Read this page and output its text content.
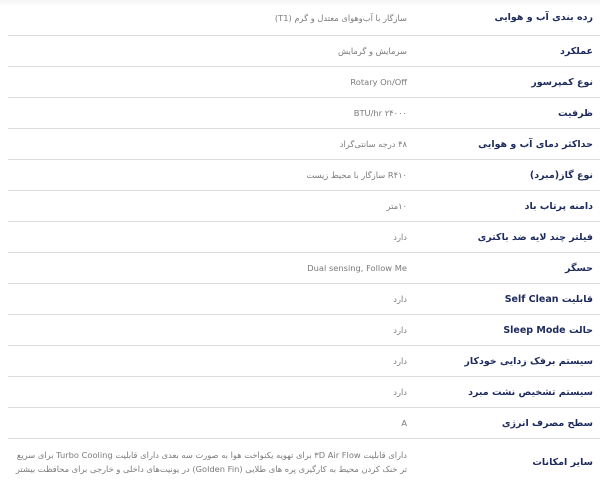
رده بندی آب و هوایی
سازگار با آب‌وهوای معتدل و گرم (T1)
عملکرد
سرمایش و گرمایش
نوع کمپرسور
Rotary On/Off
ظرفیت
BTU/hr ۲۴۰۰۰
حداکثر دمای آب و هوایی
۴۸ درجه سانتی‌گراد
نوع گاز(مبرد)
R۴۱۰ سازگار با محیط زیست
دامنه پرتاب باد
۱۰متر
فیلتر چند لایه ضد باکتری
دارد
حسگر
Dual sensing, Follow Me
قابلیت Self Clean
دارد
حالت Sleep Mode
دارد
سیستم برفک زدایی خودکار
دارد
سیستم تشخیص نشت مبرد
دارد
سطح مصرف انرژی
A
سایر امکانات
دارای قابلیت ۳D Air Flow برای تهویه یکنواخت هوا به صورت سه بعدی دارای قابلیت Turbo Cooling برای سریع تر خنک کردن محیط به کارگیری پره های طلایی (Golden Fin) در یونیت‌های داخلی و خارجی برای محافظت بیشتر
